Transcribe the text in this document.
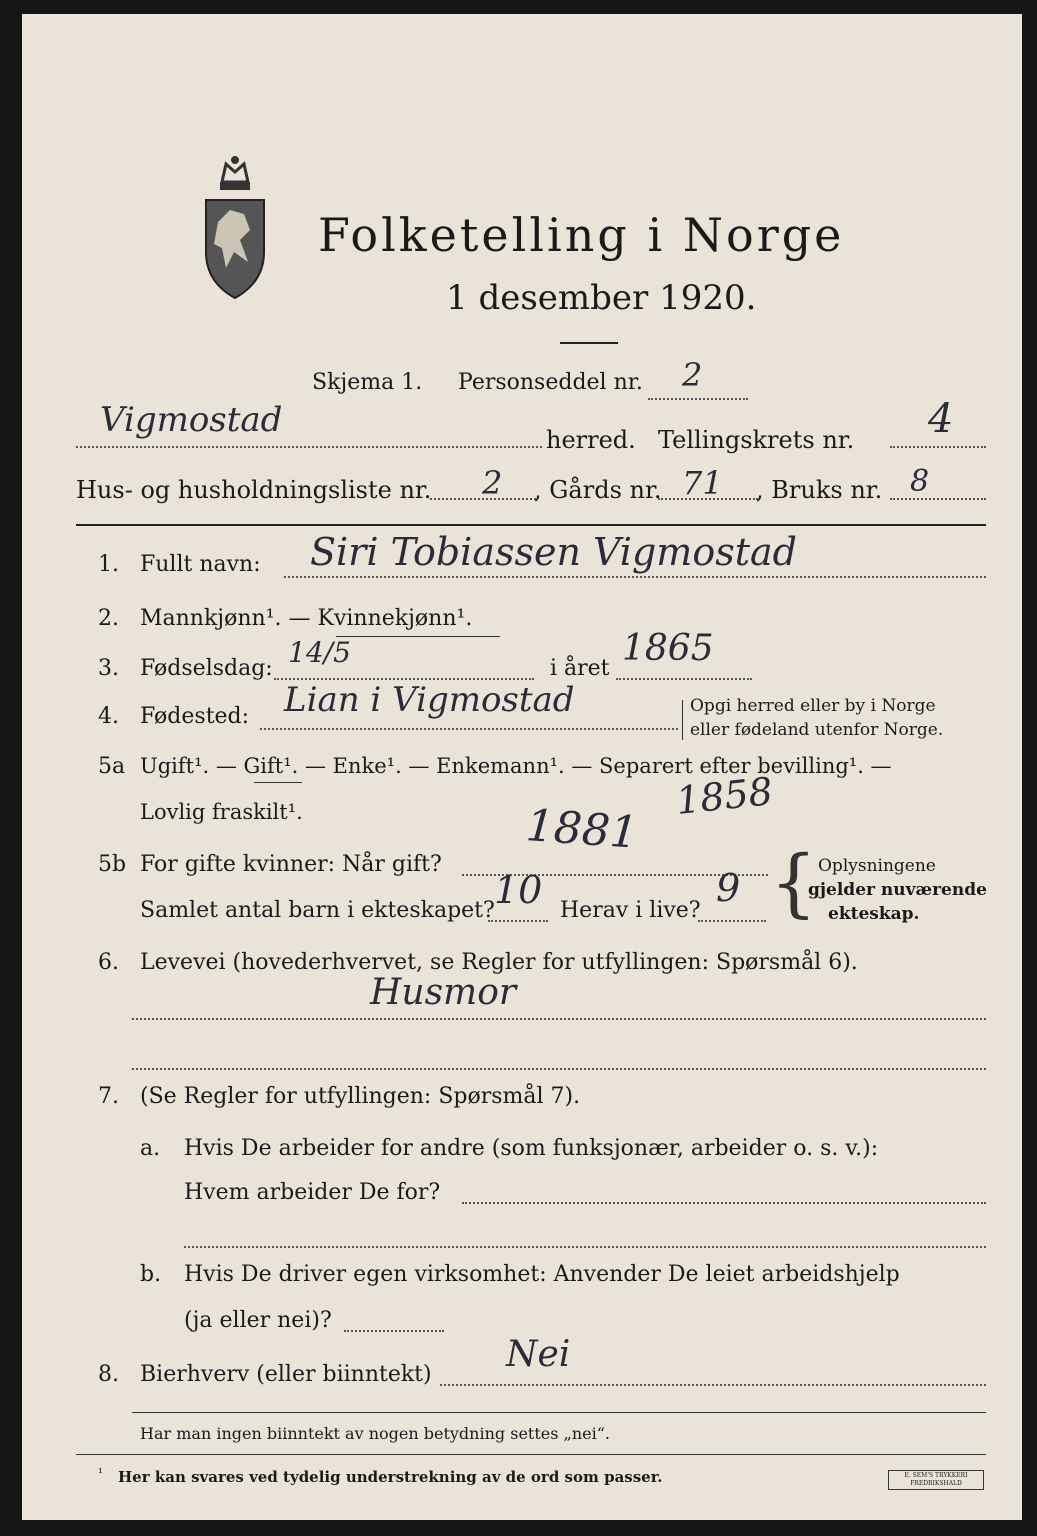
Folketelling i Norge
1 desember 1920.
Skjema 1. Personseddel nr. 2
Vigmostad	herred. Tellingskrets nr. 4
Hus- og husholdningsliste nr. 2 , Gårds nr. 71 , Bruks nr. 8
1. Fullt navn: Siri Tobiassen Vigmostad
2. Mannkjønn¹. — Kvinnekjønn¹.
3. Fødselsdag: 14/5	i året 1865
4. Fødested: Lian i Vigmostad	Opgi herred eller by i Norge
eller fødeland utenfor Norge.
5a Ugift¹. — Gift¹. — Enke¹. — Enkemann¹. — Separert efter bevilling¹. —
Lovlig fraskilt¹.
5b For gifte kvinner: Når gift?
1881
1858
Samlet antal barn i ekteskapet? 10 Herav i live?
9 { Oplysningene
gjelder nuværende
ekteskap.
6. Levevei (hovederhvervet, se Regler for utfyllingen: Spørsmål 6).
Husmor
7. (Se Regler for utfyllingen: Spørsmål 7).
a. Hvis De arbeider for andre (som funksjonær, arbeider o. s. v.):
Hvem arbeider De for?
b. Hvis De driver egen virksomhet: Anvender De leiet arbeidshjelp
(ja eller nei)?
8. Bierhverv (eller biinntekt) Nei
Har man ingen biinntekt av nogen betydning settes „nei“.
¹ Her kan svares ved tydelig understrekning av de ord som passer.	E. SEM'S TRYKKERI FREDRIKSHALD
